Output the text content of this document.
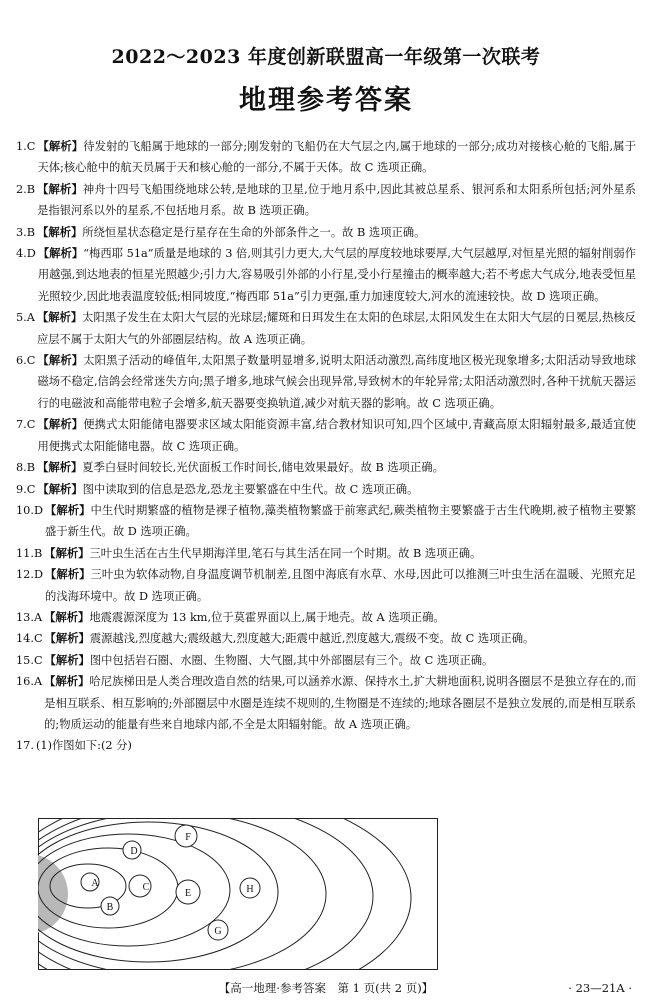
2022～2023 年度创新联盟高一年级第一次联考
地理参考答案
1.C 【解析】待发射的飞船属于地球的一部分;刚发射的飞船仍在大气层之内,属于地球的一部分;成功对接核心舱的飞船,属于天体;核心舱中的航天员属于天和核心舱的一部分,不属于天体。故 C 选项正确。
2.B 【解析】神舟十四号飞船围绕地球公转,是地球的卫星,位于地月系中,因此其被总星系、银河系和太阳系所包括;河外星系是指银河系以外的星系,不包括地月系。故 B 选项正确。
3.B 【解析】所绕恒星状态稳定是行星存在生命的外部条件之一。故 B 选项正确。
4.D 【解析】“梅西耶 51a”质量是地球的 3 倍,则其引力更大,大气层的厚度较地球要厚,大气层越厚,对恒星光照的辐射削弱作用越强,到达地表的恒星光照越少;引力大,容易吸引外部的小行星,受小行星撞击的概率越大;若不考虑大气成分,地表受恒星光照较少,因此地表温度较低;相同坡度,“梅西耶 51a”引力更强,重力加速度较大,河水的流速较快。故 D 选项正确。
5.A 【解析】太阳黑子发生在太阳大气层的光球层;耀斑和日珥发生在太阳的色球层,太阳风发生在太阳大气层的日冕层,热核反应层不属于太阳大气的外部圈层结构。故 A 选项正确。
6.C 【解析】太阳黑子活动的峰值年,太阳黑子数量明显增多,说明太阳活动激烈,高纬度地区极光现象增多;太阳活动导致地球磁场不稳定,信鸽会经常迷失方向;黑子增多,地球气候会出现异常,导致树木的年轮异常;太阳活动激烈时,各种干扰航天器运行的电磁波和高能带电粒子会增多,航天器要变换轨道,减少对航天器的影响。故 C 选项正确。
7.C 【解析】便携式太阳能储电器要求区域太阳能资源丰富,结合教材知识可知,四个区域中,青藏高原太阳辐射最多,最适宜使用便携式太阳能储电器。故 C 选项正确。
8.B 【解析】夏季白昼时间较长,光伏面板工作时间长,储电效果最好。故 B 选项正确。
9.C 【解析】图中读取到的信息是恐龙,恐龙主要繁盛在中生代。故 C 选项正确。
10.D 【解析】中生代时期繁盛的植物是裸子植物,藻类植物繁盛于前寒武纪,蕨类植物主要繁盛于古生代晚期,被子植物主要繁盛于新生代。故 D 选项正确。
11.B 【解析】三叶虫生活在古生代早期海洋里,笔石与其生活在同一个时期。故 B 选项正确。
12.D 【解析】三叶虫为软体动物,自身温度调节机制差,且图中海底有水草、水母,因此可以推测三叶虫生活在温暖、光照充足的浅海环境中。故 D 选项正确。
13.A 【解析】地震震源深度为 13 km,位于莫霍界面以上,属于地壳。故 A 选项正确。
14.C 【解析】震源越浅,烈度越大;震级越大,烈度越大;距震中越近,烈度越大,震级不变。故 C 选项正确。
15.C 【解析】图中包括岩石圈、水圈、生物圈、大气圈,其中外部圈层有三个。故 C 选项正确。
16.A 【解析】哈尼族梯田是人类合理改造自然的结果,可以涵养水源、保持水土,扩大耕地面积,说明各圈层不是独立存在的,而是相互联系、相互影响的;外部圈层中水圈是连续不规则的,生物圈是不连续的;地球各圈层不是独立发展的,而是相互联系的;物质运动的能量有些来自地球内部,不全是太阳辐射能。故 A 选项正确。
17. (1)作图如下:(2 分)
A
B
C
D
E
F
G
H
【高一地理·参考答案　第 1 页(共 2 页)】	· 23—21A ·
